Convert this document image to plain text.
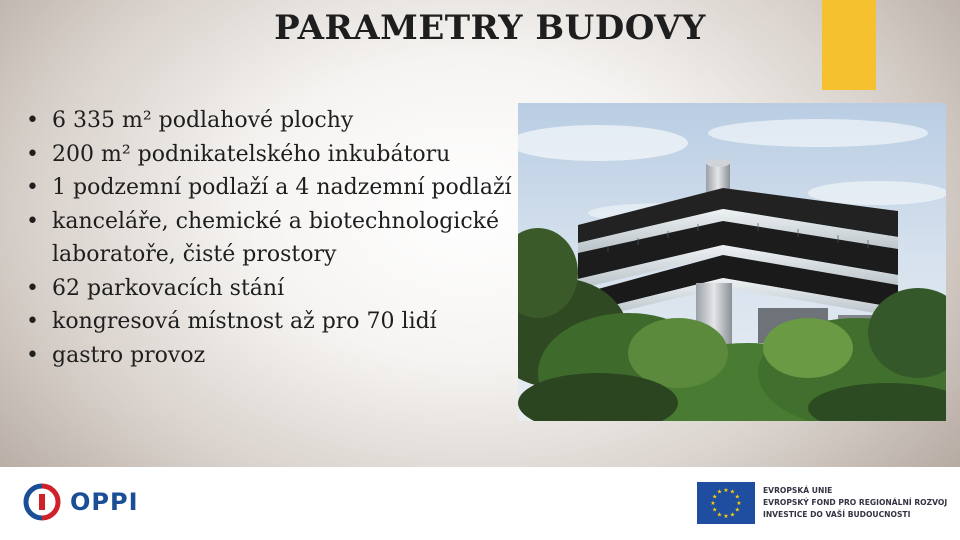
PARAMETRY BUDOVY
• 6 335 m² podlahové plochy
• 200 m² podnikatelského inkubátoru
• 1 podzemní podlaží a 4 nadzemní podlaží
• kanceláře, chemické a biotechnologické laboratoře, čisté prostory
• 62 parkovacích stání
• kongresová místnost až pro 70 lidí
• gastro provoz
OPPI	★ ★
★
★
★
★
★
★
★
★
★
★	EVROPSKÁ UNIE
EVROPSKÝ FOND PRO REGIONÁLNÍ ROZVOJ
INVESTICE DO VAŠÍ BUDOUCNOSTI
